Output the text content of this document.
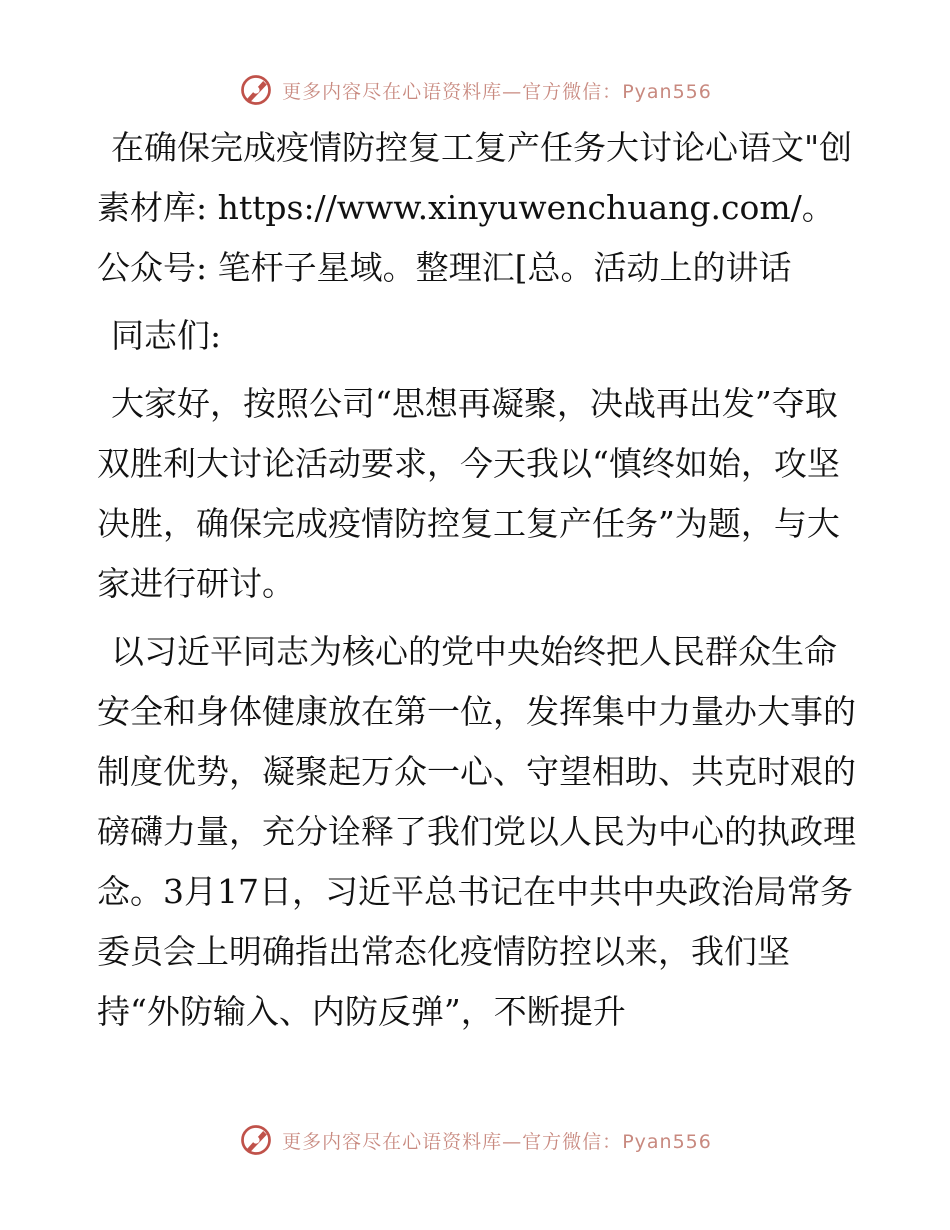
更多内容尽在心语资料库—官方微信：Pyan556
在确保完成疫情防控复工复产任务大讨论心语文"创素材库: https://www.xinyuwenchuang.com/。公众号: 笔杆子星域。整理汇[总。活动上的讲话
同志们:
大家好，按照公司“思想再凝聚，决战再出发”夺取双胜利大讨论活动要求，今天我以“慎终如始，攻坚决胜，确保完成疫情防控复工复产任务”为题，与大家进行研讨。
以习近平同志为核心的党中央始终把人民群众生命安全和身体健康放在第一位，发挥集中力量办大事的制度优势，凝聚起万众一心、守望相助、共克时艰的磅礴力量，充分诠释了我们党以人民为中心的执政理念。3月17日，习近平总书记在中共中央政治局常务委员会上明确指出常态化疫情防控以来，我们坚持“外防输入、内防反弹”，不断提升
更多内容尽在心语资料库—官方微信：Pyan556
